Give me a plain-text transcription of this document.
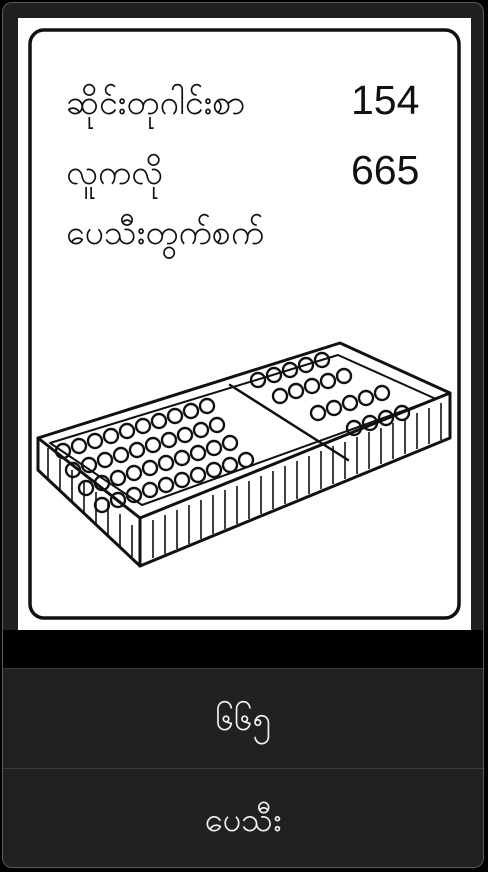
ဆိုင်းတုဂါင်းစာ	154
လူကလို	665
ပေသီးတွက်စက်
၆၆၅
ပေသီး
